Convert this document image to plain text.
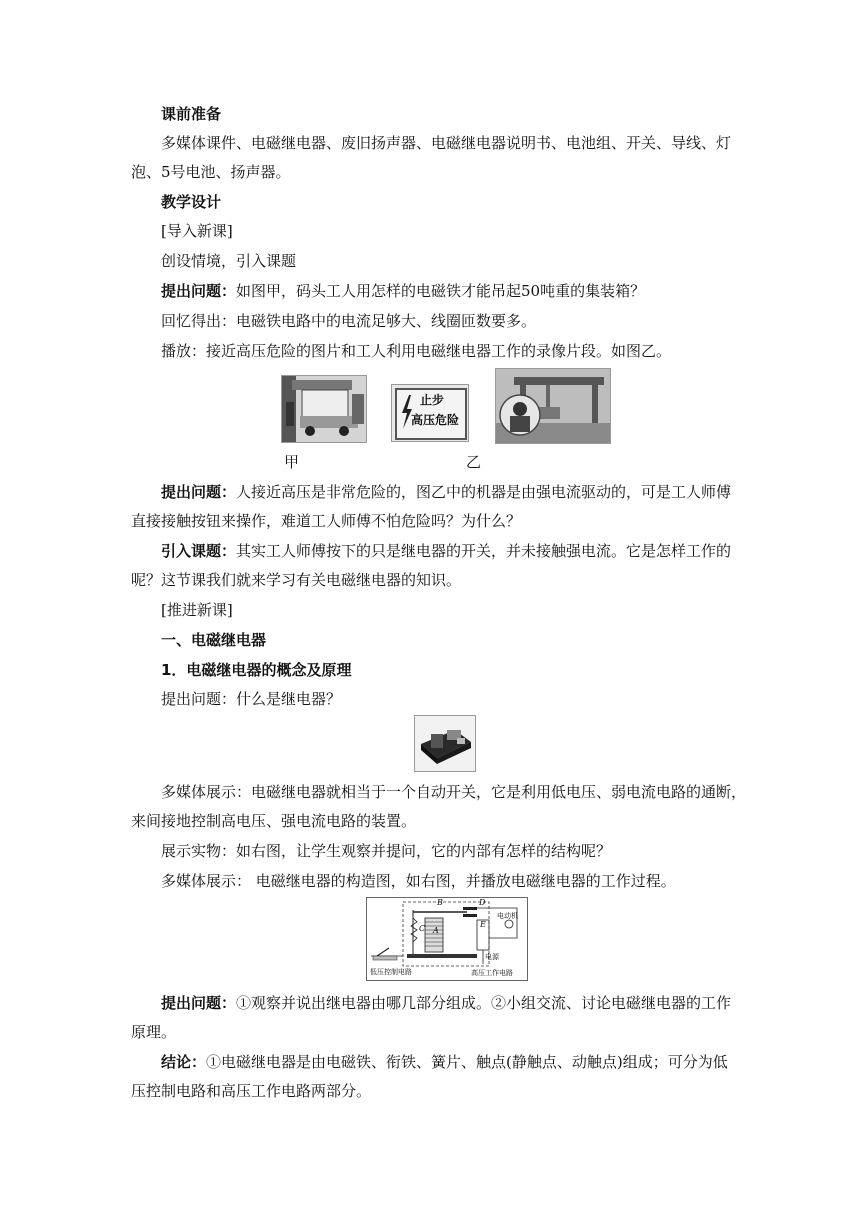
课前准备
多媒体课件、电磁继电器、废旧扬声器、电磁继电器说明书、电池组、开关、导线、灯
泡、5号电池、扬声器。
教学设计
[导入新课]
创设情境，引入课题
提出问题：如图甲，码头工人用怎样的电磁铁才能吊起50吨重的集装箱？
回忆得出：电磁铁电路中的电流足够大、线圈匝数要多。
播放：接近高压危险的图片和工人利用电磁继电器工作的录像片段。如图乙。
止步
高压危险
甲	乙
提出问题：人接近高压是非常危险的，图乙中的机器是由强电流驱动的，可是工人师傅
直接接触按钮来操作，难道工人师傅不怕危险吗？为什么？
引入课题：其实工人师傅按下的只是继电器的开关，并未接触强电流。它是怎样工作的
呢？这节课我们就来学习有关电磁继电器的知识。
[推进新课]
一、电磁继电器
1．电磁继电器的概念及原理
提出问题：什么是继电器？
多媒体展示：电磁继电器就相当于一个自动开关，它是利用低电压、弱电流电路的通断，
来间接地控制高电压、强电流电路的装置。
展示实物：如右图，让学生观察并提问，它的内部有怎样的结构呢？
多媒体展示： 电磁继电器的构造图，如右图，并播放电磁继电器的工作过程。
B
A
C
D
E
电动机
电源
低压控制电路	高压工作电路
提出问题：①观察并说出继电器由哪几部分组成。②小组交流、讨论电磁继电器的工作
原理。
结论：①电磁继电器是由电磁铁、衔铁、簧片、触点(静触点、动触点)组成；可分为低
压控制电路和高压工作电路两部分。
